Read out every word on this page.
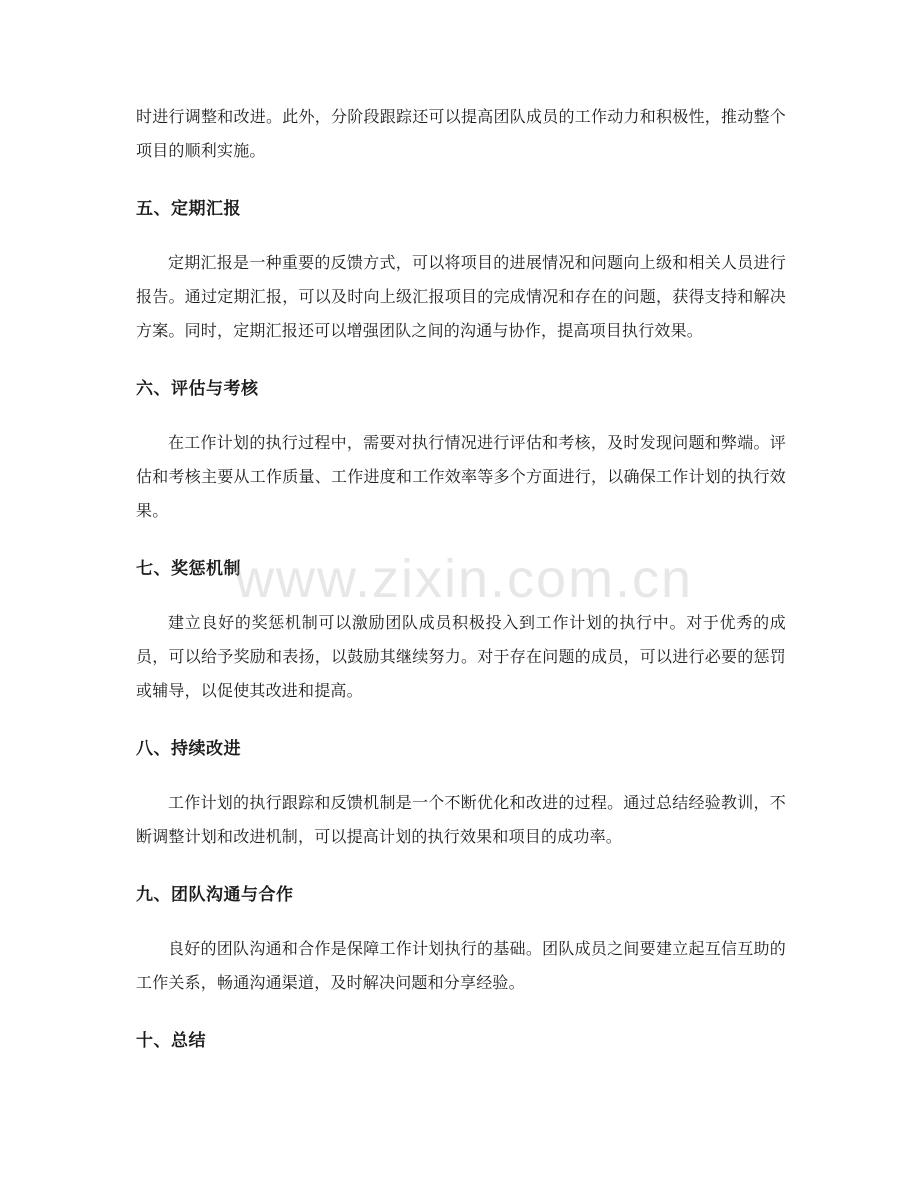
时进行调整和改进。此外，分阶段跟踪还可以提高团队成员的工作动力和积极性，推动整个项目的顺利实施。

五、定期汇报

定期汇报是一种重要的反馈方式，可以将项目的进展情况和问题向上级和相关人员进行报告。通过定期汇报，可以及时向上级汇报项目的完成情况和存在的问题，获得支持和解决方案。同时，定期汇报还可以增强团队之间的沟通与协作，提高项目执行效果。

六、评估与考核

在工作计划的执行过程中，需要对执行情况进行评估和考核，及时发现问题和弊端。评估和考核主要从工作质量、工作进度和工作效率等多个方面进行，以确保工作计划的执行效果。

七、奖惩机制

建立良好的奖惩机制可以激励团队成员积极投入到工作计划的执行中。对于优秀的成员，可以给予奖励和表扬，以鼓励其继续努力。对于存在问题的成员，可以进行必要的惩罚或辅导，以促使其改进和提高。

八、持续改进

工作计划的执行跟踪和反馈机制是一个不断优化和改进的过程。通过总结经验教训，不断调整计划和改进机制，可以提高计划的执行效果和项目的成功率。

九、团队沟通与合作

良好的团队沟通和合作是保障工作计划执行的基础。团队成员之间要建立起互信互助的工作关系，畅通沟通渠道，及时解决问题和分享经验。

十、总结
www.zixin.com.cn
